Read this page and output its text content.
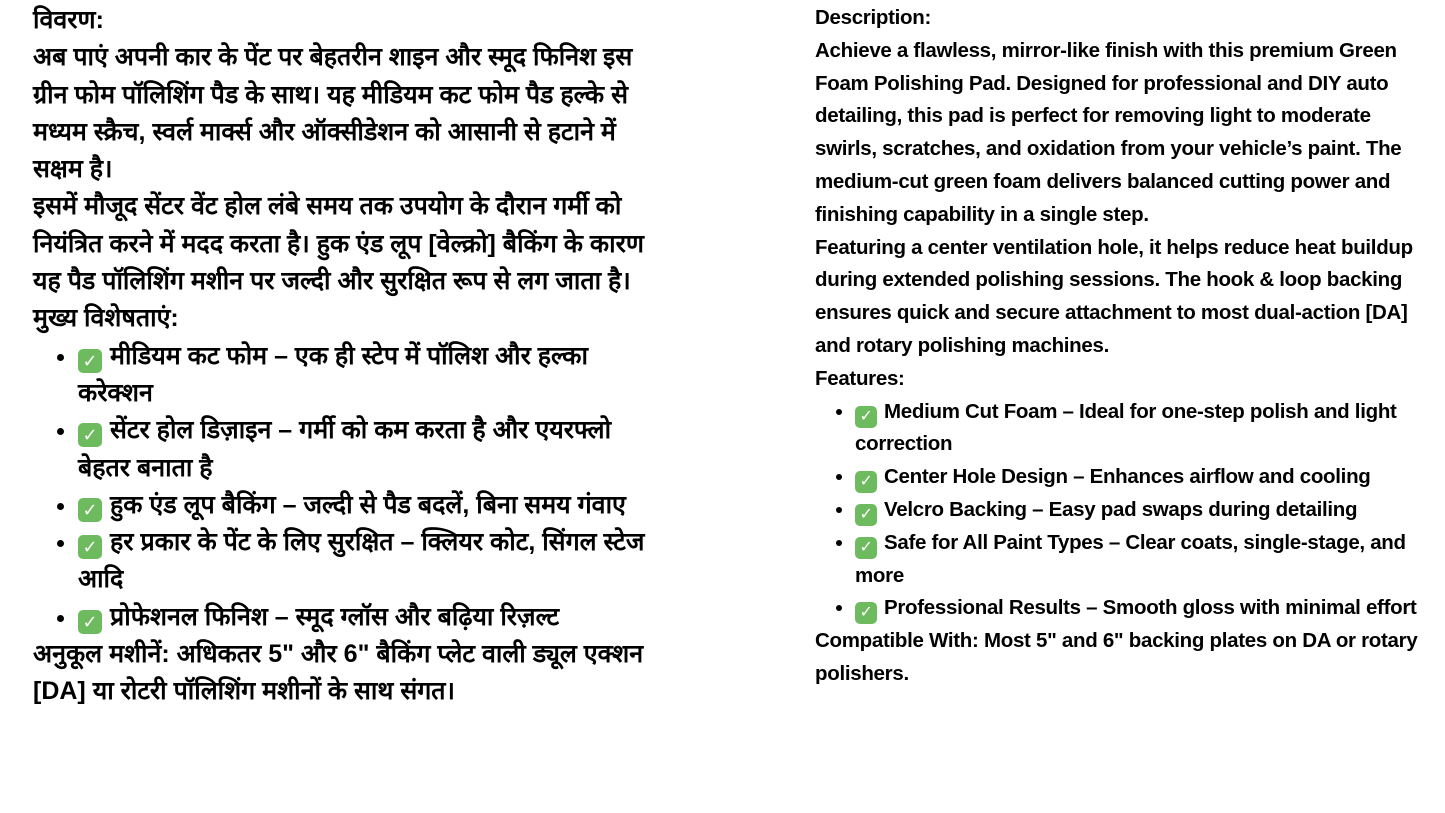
विवरण:

अब पाएं अपनी कार के पेंट पर बेहतरीन शाइन और स्मूद फिनिश इस ग्रीन फोम पॉलिशिंग पैड के साथ। यह मीडियम कट फोम पैड हल्के से मध्यम स्क्रैच, स्वर्ल मार्क्स और ऑक्सीडेशन को आसानी से हटाने में सक्षम है।

इसमें मौजूद सेंटर वेंट होल लंबे समय तक उपयोग के दौरान गर्मी को नियंत्रित करने में मदद करता है। हुक एंड लूप [वेल्क्रो] बैकिंग के कारण यह पैड पॉलिशिंग मशीन पर जल्दी और सुरक्षित रूप से लग जाता है।

मुख्य विशेषताएं:

• ✓ मीडियम कट फोम – एक ही स्टेप में पॉलिश और हल्का करेक्शन
• ✓ सेंटर होल डिज़ाइन – गर्मी को कम करता है और एयरफ्लो बेहतर बनाता है
• ✓ हुक एंड लूप बैकिंग – जल्दी से पैड बदलें, बिना समय गंवाए
• ✓ हर प्रकार के पेंट के लिए सुरक्षित – क्लियर कोट, सिंगल स्टेज आदि
• ✓ प्रोफेशनल फिनिश – स्मूद ग्लॉस और बढ़िया रिज़ल्ट

अनुकूल मशीनें: अधिकतर 5" और 6" बैकिंग प्लेट वाली ड्यूल एक्शन [DA] या रोटरी पॉलिशिंग मशीनों के साथ संगत।

Description:

Achieve a flawless, mirror-like finish with this premium Green Foam Polishing Pad. Designed for professional and DIY auto detailing, this pad is perfect for removing light to moderate swirls, scratches, and oxidation from your vehicle’s paint. The medium-cut green foam delivers balanced cutting power and finishing capability in a single step.

Featuring a center ventilation hole, it helps reduce heat buildup during extended polishing sessions. The hook & loop backing ensures quick and secure attachment to most dual-action [DA] and rotary polishing machines.

Features:

• ✓ Medium Cut Foam – Ideal for one-step polish and light correction
• ✓ Center Hole Design – Enhances airflow and cooling
• ✓ Velcro Backing – Easy pad swaps during detailing
• ✓ Safe for All Paint Types – Clear coats, single-stage, and more
• ✓ Professional Results – Smooth gloss with minimal effort

Compatible With: Most 5" and 6" backing plates on DA or rotary polishers.
